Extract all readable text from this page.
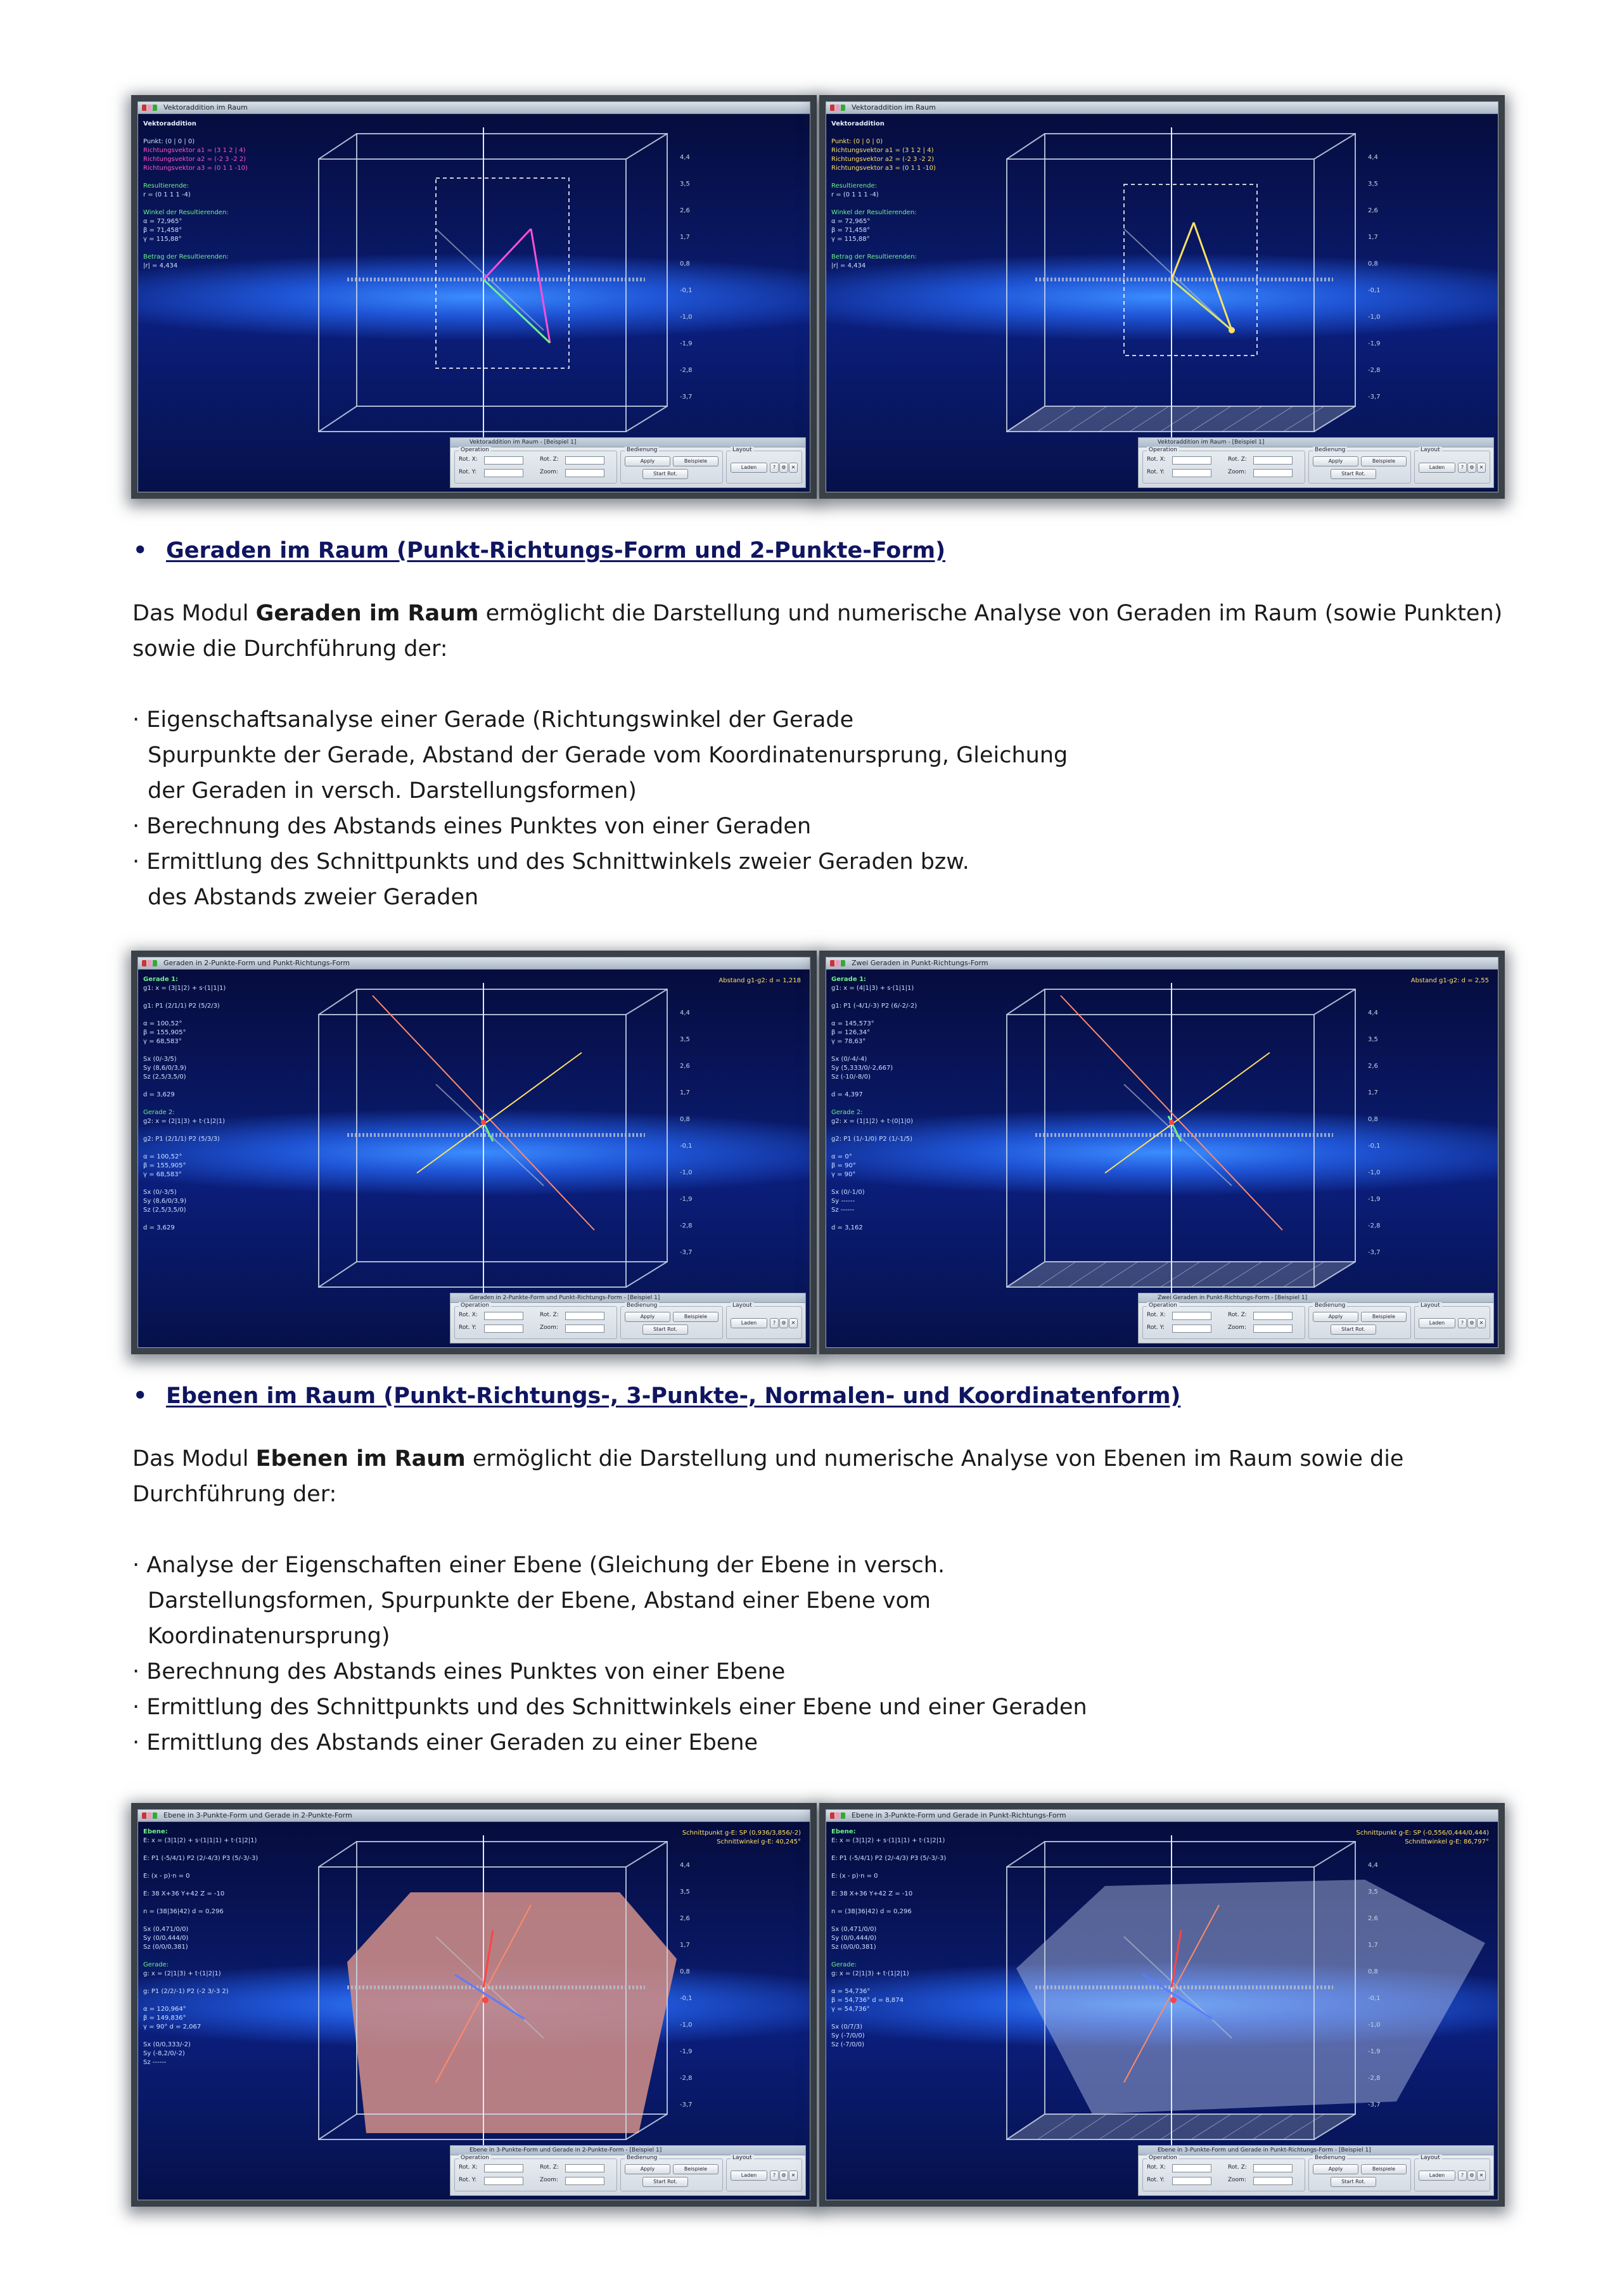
Vektoraddition im Raum
Vektoraddition

Punkt: (0 | 0 | 0)
Richtungsvektor a1 = (3 1 2 | 4)
Richtungsvektor a2 = (-2 3 -2 2)
Richtungsvektor a3 = (0 1 1 -10)

Resultierende:
r = (0 1 1 1 -4)

Winkel der Resultierenden:
α = 72,965°
β = 71,458°
γ = 115,88°

Betrag der Resultierenden:
|r| = 4,434
4,4
3,5
2,6
1,7
0,8
-0,1
-1,0
-1,9
-2,8
-3,7
Vektoraddition im Raum - [Beispiel 1]
Operation
Rot. X:	Rot. Z:
Rot. Y:	Zoom:
Bedienung
Apply	Beispiele
Start Rot.
Layout
Laden	?	⚙	✕
Vektoraddition im Raum
Vektoraddition

Punkt: (0 | 0 | 0)
Richtungsvektor a1 = (3 1 2 | 4)
Richtungsvektor a2 = (-2 3 -2 2)
Richtungsvektor a3 = (0 1 1 -10)

Resultierende:
r = (0 1 1 1 -4)

Winkel der Resultierenden:
α = 72,965°
β = 71,458°
γ = 115,88°

Betrag der Resultierenden:
|r| = 4,434
4,4
3,5
2,6
1,7
0,8
-0,1
-1,0
-1,9
-2,8
-3,7
Vektoraddition im Raum - [Beispiel 1]
Operation
Rot. X:	Rot. Z:
Rot. Y:	Zoom:
Bedienung
Apply	Beispiele
Start Rot.
Layout
Laden	?	⚙	✕
• Geraden im Raum (Punkt-Richtungs-Form und 2-Punkte-Form)
Das Modul Geraden im Raum ermöglicht die Darstellung und numerische Analyse von Geraden im Raum (sowie Punkten) sowie die Durchführung der:
· Eigenschaftsanalyse einer Gerade (Richtungswinkel der Gerade
Spurpunkte der Gerade, Abstand der Gerade vom Koordinatenursprung, Gleichung
der Geraden in versch. Darstellungsformen)
· Berechnung des Abstands eines Punktes von einer Geraden
· Ermittlung des Schnittpunkts und des Schnittwinkels zweier Geraden bzw.
des Abstands zweier Geraden
Geraden in 2-Punkte-Form und Punkt-Richtungs-Form
Gerade 1:
g1: x = (3|1|2) + s·(1|1|1)

g1: P1 (2/1/1) P2 (5/2/3)

α = 100,52°
β = 155,905°
γ = 68,583°

Sx (0/-3/5)
Sy (8,6/0/3,9)
Sz (2,5/3,5/0)

d = 3,629

Gerade 2:
g2: x = (2|1|3) + t·(1|2|1)

g2: P1 (2/1/1) P2 (5/3/3)

α = 100,52°
β = 155,905°
γ = 68,583°

Sx (0/-3/5)
Sy (8,6/0/3,9)
Sz (2,5/3,5/0)

d = 3,629
Abstand g1-g2: d = 1,218
4,4
3,5
2,6
1,7
0,8
-0,1
-1,0
-1,9
-2,8
-3,7
Geraden in 2-Punkte-Form und Punkt-Richtungs-Form - [Beispiel 1]
Operation
Rot. X:	Rot. Z:
Rot. Y:	Zoom:
Bedienung
Apply	Beispiele
Start Rot.
Layout
Laden	?	⚙	✕
Zwei Geraden in Punkt-Richtungs-Form
Gerade 1:
g1: x = (4|1|3) + s·(1|1|1)

g1: P1 (-4/1/-3) P2 (6/-2/-2)

α = 145,573°
β = 126,34°
γ = 78,63°

Sx (0/-4/-4)
Sy (5,333/0/-2,667)
Sz (-10/-8/0)

d = 4,397

Gerade 2:
g2: x = (1|1|2) + t·(0|1|0)

g2: P1 (1/-1/0) P2 (1/-1/5)

α = 0°
β = 90°
γ = 90°

Sx (0/-1/0)
Sy ------
Sz ------

d = 3,162
Abstand g1-g2: d = 2,55
4,4
3,5
2,6
1,7
0,8
-0,1
-1,0
-1,9
-2,8
-3,7
Zwei Geraden in Punkt-Richtungs-Form - [Beispiel 1]
Operation
Rot. X:	Rot. Z:
Rot. Y:	Zoom:
Bedienung
Apply	Beispiele
Start Rot.
Layout
Laden	?	⚙	✕
• Ebenen im Raum (Punkt-Richtungs-, 3-Punkte-, Normalen- und Koordinatenform)
Das Modul Ebenen im Raum ermöglicht die Darstellung und numerische Analyse von Ebenen im Raum sowie die Durchführung der:
· Analyse der Eigenschaften einer Ebene (Gleichung der Ebene in versch.
Darstellungsformen, Spurpunkte der Ebene, Abstand einer Ebene vom
Koordinatenursprung)
· Berechnung des Abstands eines Punktes von einer Ebene
· Ermittlung des Schnittpunkts und des Schnittwinkels einer Ebene und einer Geraden
· Ermittlung des Abstands einer Geraden zu einer Ebene
Ebene in 3-Punkte-Form und Gerade in 2-Punkte-Form
Ebene:
E: x = (3|1|2) + s·(1|1|1) + t·(1|2|1)

E: P1 (-5/4/1) P2 (2/-4/3) P3 (5/-3/-3)

E: (x - p)·n = 0

E: 38 X+36 Y+42 Z = -10

n = (38|36|42) d = 0,296

Sx (0,471/0/0)
Sy (0/0,444/0)
Sz (0/0/0,381)

Gerade:
g: x = (2|1|3) + t·(1|2|1)

g: P1 (2/2/-1) P2 (-2 3/-3 2)

α = 120,964°
β = 149,836°
γ = 90° d = 2,067

Sx (0/0,333/-2)
Sy (-8,2/0/-2)
Sz ------
Schnittpunkt g-E: SP (0,936/3,856/-2)
Schnittwinkel g-E: 40,245°
4,4
3,5
2,6
1,7
0,8
-0,1
-1,0
-1,9
-2,8
-3,7
Ebene in 3-Punkte-Form und Gerade in 2-Punkte-Form - [Beispiel 1]
Operation
Rot. X:	Rot. Z:
Rot. Y:	Zoom:
Bedienung
Apply	Beispiele
Start Rot.
Layout
Laden	?	⚙	✕
Ebene in 3-Punkte-Form und Gerade in Punkt-Richtungs-Form
Ebene:
E: x = (3|1|2) + s·(1|1|1) + t·(1|2|1)

E: P1 (-5/4/1) P2 (2/-4/3) P3 (5/-3/-3)

E: (x - p)·n = 0

E: 38 X+36 Y+42 Z = -10

n = (38|36|42) d = 0,296

Sx (0,471/0/0)
Sy (0/0,444/0)
Sz (0/0/0,381)

Gerade:
g: x = (2|1|3) + t·(1|2|1)

α = 54,736°
β = 54,736° d = 8,874
γ = 54,736°

Sx (0/7/3)
Sy (-7/0/0)
Sz (-7/0/0)
Schnittpunkt g-E: SP (-0,556/0,444/0,444)
Schnittwinkel g-E: 86,797°
4,4
3,5
2,6
1,7
0,8
-0,1
-1,0
-1,9
-2,8
-3,7
Ebene in 3-Punkte-Form und Gerade in Punkt-Richtungs-Form - [Beispiel 1]
Operation
Rot. X:	Rot. Z:
Rot. Y:	Zoom:
Bedienung
Apply	Beispiele
Start Rot.
Layout
Laden	?	⚙	✕
